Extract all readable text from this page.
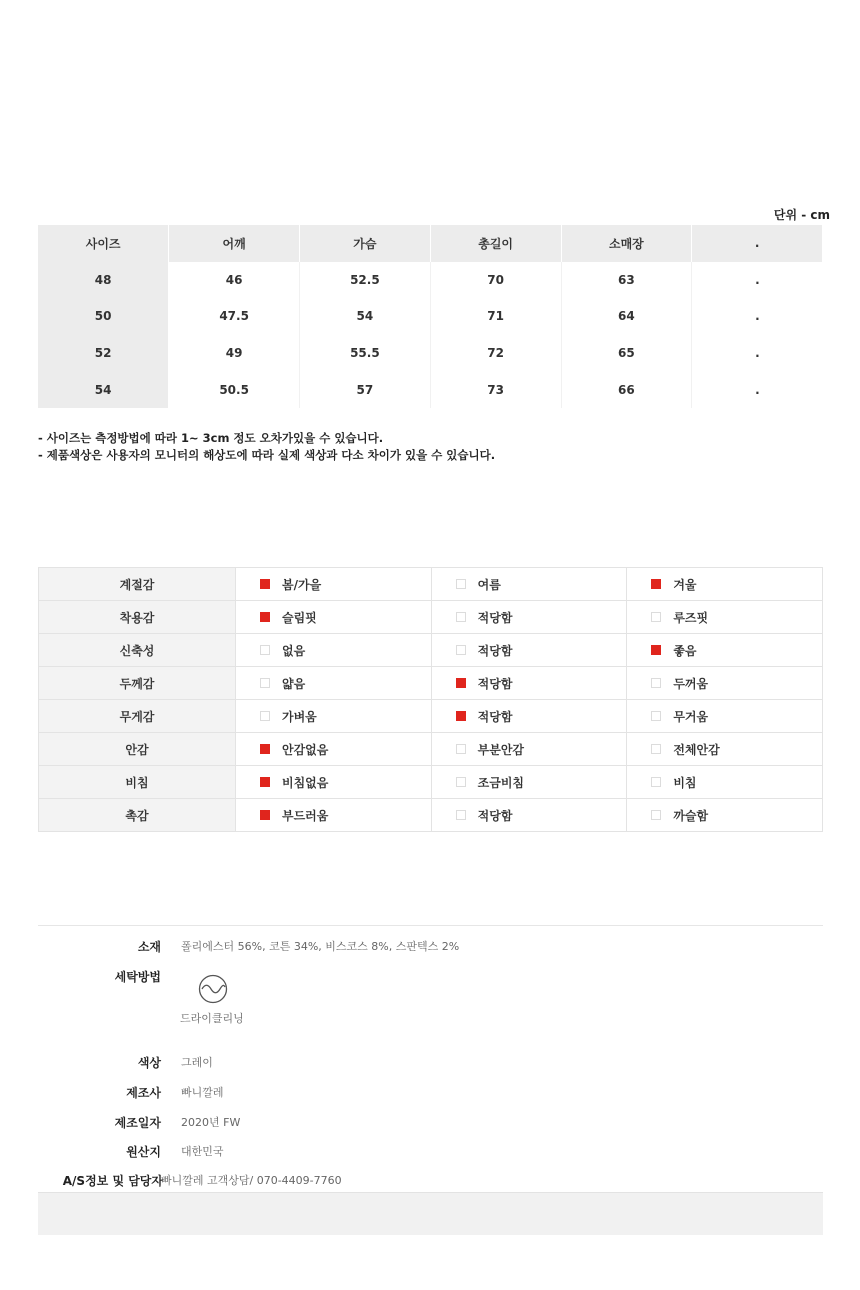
단위 - cm
사이즈	어깨	가슴	총길이	소매장	.
48	46	52.5	70	63	.
50	47.5	54	71	64	.
52	49	55.5	72	65	.
54	50.5	57	73	66	.
- 사이즈는 측정방법에 따라 1~ 3cm 정도 오차가있을 수 있습니다.
- 제품색상은 사용자의 모니터의 해상도에 따라 실제 색상과 다소 차이가 있을 수 있습니다.
계절감	봄/가을	여름	겨울

착용감	슬림핏	적당함	루즈핏

신축성	없음	적당함	좋음

두께감	얇음	적당함	두꺼움

무게감	가벼움	적당함	무거움

안감	안감없음	부분안감	전체안감

비침	비침없음	조금비침	비침

촉감	부드러움	적당함	까슬함
소재 폴리에스터 56%, 코튼 34%, 비스코스 8%, 스판텍스 2%
세탁방법
드라이클리닝
색상 그레이
제조사 빠니깔레
제조일자 2020년 FW
원산지 대한민국
A/S정보 및 담당자
빠니깔레 고객상담/ 070-4409-7760
